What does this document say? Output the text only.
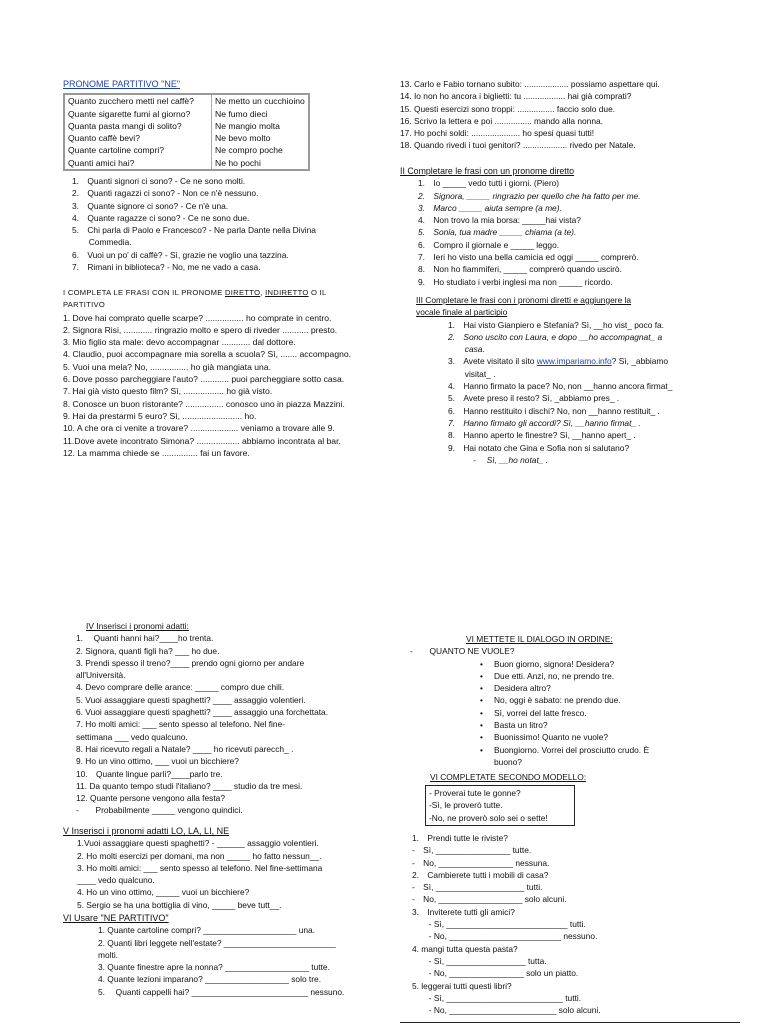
PRONOME PARTITIVO "NE"
Quanto zucchero metti nel caffè?	Ne metto un cucchioino
Quante sigarette fumi al giorno?	Ne fumo dieci
Quanta pasta mangi di solito?	Ne mangio molta
Quanto caffè bevi?	Ne bevo molto
Quante cartoline compri?	Ne compro poche
Quanti amici hai?	Ne ho pochi
1. Quanti signori ci sono? - Ce ne sono molti.
2. Quanti ragazzi ci sono? - Non ce n'è nessuno.
3. Quante signore ci sono? - Ce n'è una.
4. Quante ragazze ci sono? - Ce ne sono due.
5. Chi parla di Paolo e Francesco? - Ne parla Dante nella Divina
  Commedia.
6. Vuoi un po' di caffè? - Sì, grazie ne voglio una tazzina.
7. Rimani in biblioteca? - No, me ne vado a casa.
I COMPLETA LE FRASI CON IL PRONOME DIRETTO, INDIRETTO O IL
PARTITIVO
1. Dove hai comprato quelle scarpe? ................ ho comprate in centro.
2. Signora Risi, ............ ringrazio molto e spero di riveder ........... presto.
3. Mio figlio sta male: devo accompagnar ............ dal dottore.
4. Claudio, puoi accompagnare mia sorella a scuola? Sì, ....... accompagno.
5. Vuoi una mela? No, ................ ho già mangiata una.
6. Dove posso parcheggiare l'auto? ............ puoi parcheggiare sotto casa.
7. Hai già visto questo film? Sì, ................. ho già visto.
8. Conosce un buon ristorante? ................ conosco uno in piazza Mazzini.
9. Hai da prestarmi 5 euro? Sì, ......................... ho.
10. A che ora ci venite a trovare? .................... veniamo a trovare alle 9.
11.Dove avete incontrato Simona? .................. abbiamo incontrata al bar.
12. La mamma chiede se ............... fai un favore.
13. Carlo e Fabio tornano subito: ................... possiamo aspettare qui.
14. Io non ho ancora i biglietti: tu .................. hai già comprati?
15. Questi esercizi sono troppi: ................ faccio solo due.
16. Scrivo la lettera e poi ................ mando alla nonna.
17. Ho pochi soldi: ..................... ho spesi quasi tutti!
18. Quando rivedi i tuoi genitori? ................... rivedo per Natale.
II Completare le frasi con un pronome diretto
1. Io _____ vedo tutti i giorni. (Piero)
2. Signora, _____ ringrazio per quello che ha fatto per me.
3. Marco _____ aiuta sempre (a me).
4. Non trovo la mia borsa: _____hai vista?
5. Sonia, tua madre _____ chiama (a te).
6. Compro il giornale e _____ leggo.
7. Ieri ho visto una bella camicia ed oggi _____ comprerò.
8. Non ho fiammiferi, _____ comprerò quando uscirò.
9. Ho studiato i verbi inglesi ma non _____ ricordo.
III Completare le frasi con i pronomi diretti e aggiungere la
vocale finale al participio
1. Hai visto Gianpiero e Stefania? Sì, __ho vist_ poco fa.
2. Sono uscito con Laura, e dopo __ho accompagnat_ a
  casa.
3. Avete visitato il sito www.impariamo.info? Sì, _abbiamo
  visitat_ .
4. Hanno firmato la pace? No, non __hanno ancora firmat_
5. Avete preso il resto? Sì, _abbiamo pres_ .
6. Hanno restituito i dischi? No, non __hanno restituit_ .
7. Hanno firmato gli accordi? Sì, __hanno firmat_ .
8. Hanno aperto le finestre? Sì, __hanno apert_ .
9. Hai notato che Gina e Sofia non si salutano?
   -  Sì, __ho notat_ .
IV Inserisci i pronomi adatti:
1.  Quanti hanni hai?____ho trenta.
2. Signora, quanti figli ha? ___ ho due.
3. Prendi spesso il treno?____ prendo ogni giorno per andare
all'Università.
4. Devo comprare delle arance: _____ compro due chili.
5. Vuoi assaggiare questi spaghetti? ____ assaggio volentieri.
6. Vuoi assaggiare questi spaghetti? ____ assaggio una forchettata.
7. Ho molti amici: ___ sento spesso al telefono. Nel fine-
settimana ___ vedo qualcuno.
8. Hai ricevuto regali a Natale? ____ ho ricevuti parecch_ .
9. Ho un vino ottimo, ___ vuoi un bicchiere?
10. Quante lingue parli?____parlo tre.
11. Da quanto tempo studi l'italiano? ____ studio da tre mesi.
12. Quante persone vengono alla festa?
-  Probabilmente _____ vengono quindici.
V Inserisci i pronomi adatti LO, LA, LI, NE
1.Vuoi assaggiare questi spaghetti? - ______ assaggio volentieri.
2. Ho molti esercizi per domani, ma non _____ ho fatto nessun__.
3. Ho molti amici: ___ sento spesso al telefono. Nel fine-settimana
____ vedo qualcuno.
4. Ho un vino ottimo, _____ vuoi un bicchiere?
5. Sergio se ha una bottiglia di vino, _____ beve tutt__.
VI Usare "NE PARTITIVO"
1. Quante cartoline compri? ____________________ una.
2. Quanti libri leggete nell'estate? ________________________
molti.
3. Quante finestre apre la nonna? __________________ tutte.
4. Quante lezioni imparano? __________________ solo tre.
5.  Quanti cappelli hai? _________________________ nessuno.
VI METTETE IL DIALOGO IN ORDINE:
-  QUANTO NE VUOLE?
• Buon giorno, signora! Desidera?
• Due etti. Anzi, no, ne prendo tre.
• Desidera altro?
• No, oggi è sabato: ne prendo due.
• Sì, vorrei del latte fresco.
• Basta un litro?
• Buonissimo! Quanto ne vuole?
• Buongiorno. Vorrei del prosciutto crudo. È
buono?
VI COMPLETATE SECONDO MODELLO:
- Proverai tute le gonne?
-Sì, le proverò tutte.
-No, ne proverò solo sei o sette!
1. Prendi tutte le riviste?
- Sì, ________________ tutte.
- No, ________________ nessuna.
2. Cambierete tutti i mobili di casa?
- Sì, ___________________ tutti.
- No, __________________ solo alcuni.
3. Inviterete tutti gli amici?
  - Sì, __________________________ tutti.
  - No, ________________________ nessuno.
4. mangi tutta questa pasta?
  - Sì, _________________ tutta.
  - No, ________________ solo un piatto.
5. leggerai tutti questi libri?
  - Sì, _________________________ tutti.
  - No, _______________________ solo alcuni.
